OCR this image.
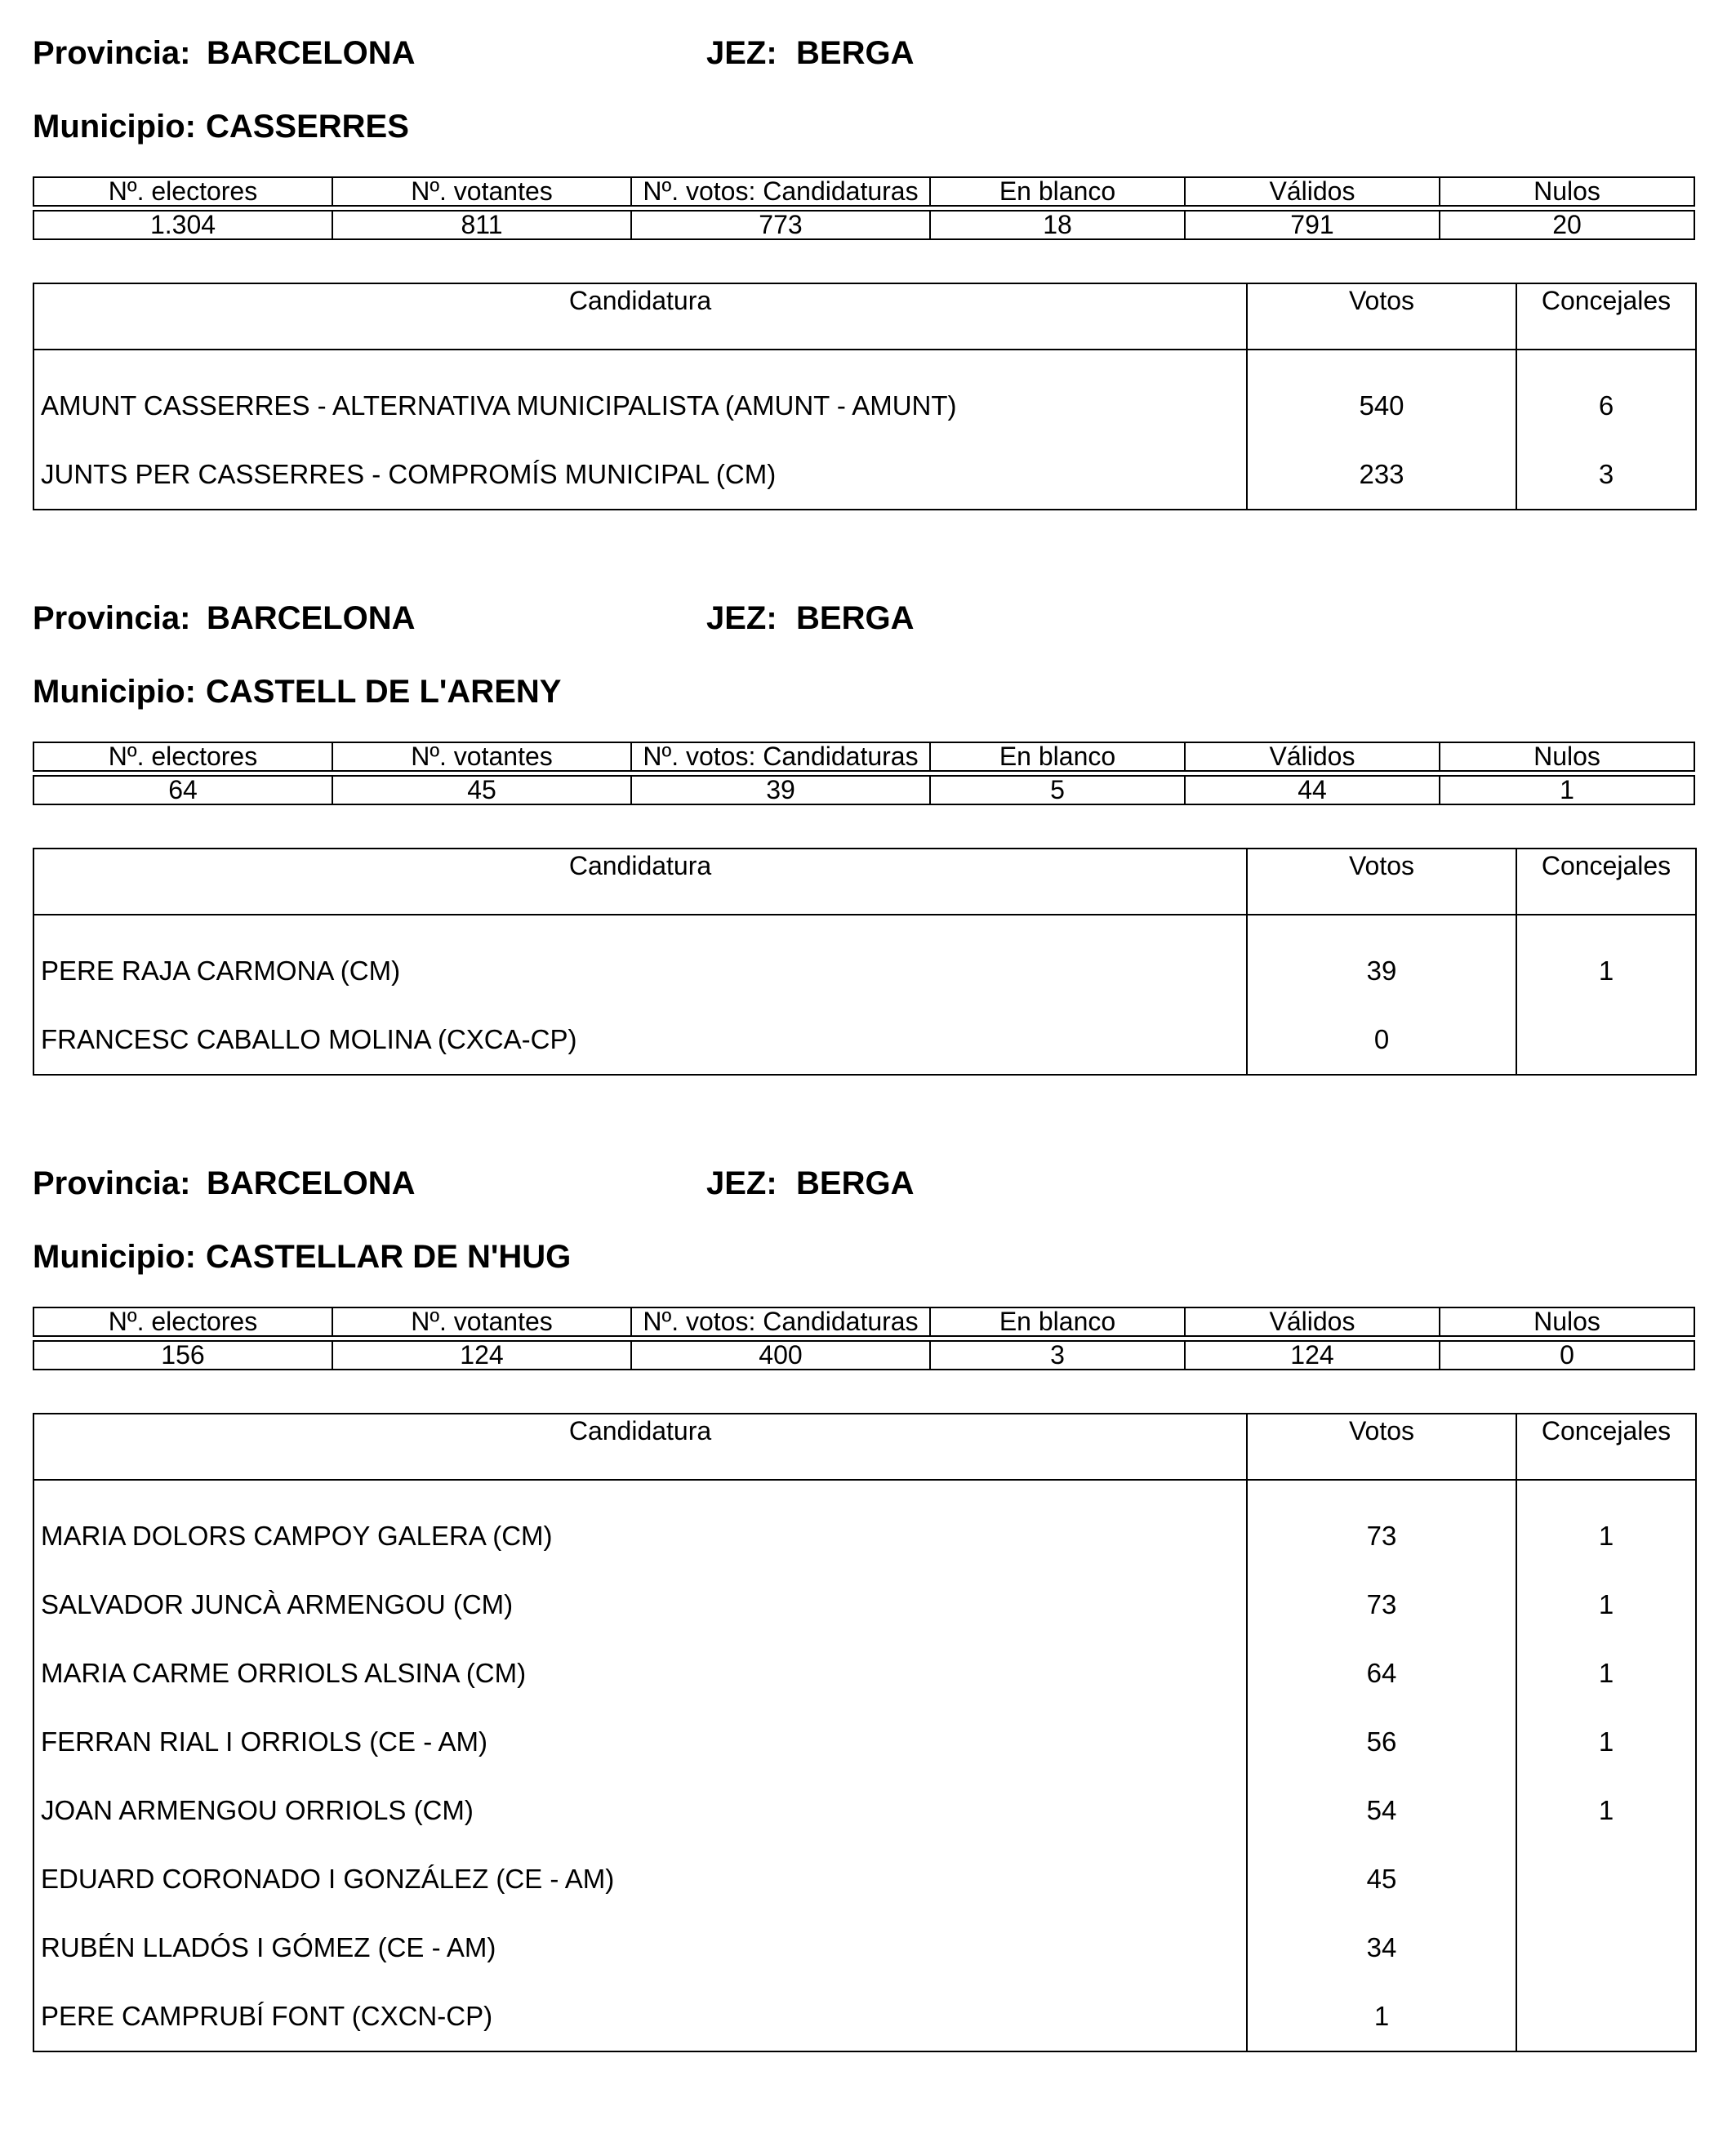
Provincia: BARCELONA	JEZ: BERGA
Municipio: CASSERRES
Nº. electores	Nº. votantes	Nº. votos: Candidaturas	En blanco	Válidos	Nulos

1.304	811	773	18	791	20
Candidatura	Votos	Concejales

AMUNT CASSERRES - ALTERNATIVA MUNICIPALISTA (AMUNT - AMUNT)	540	6
JUNTS PER CASSERRES - COMPROMÍS MUNICIPAL (CM)	233	3
Provincia: BARCELONA	JEZ: BERGA
Municipio: CASTELL DE L'ARENY
Nº. electores	Nº. votantes	Nº. votos: Candidaturas	En blanco	Válidos	Nulos

64	45	39	5	44	1
Candidatura	Votos	Concejales

PERE RAJA CARMONA (CM)	39	1
FRANCESC CABALLO MOLINA (CXCA-CP)	0	
Provincia: BARCELONA	JEZ: BERGA
Municipio: CASTELLAR DE N'HUG
Nº. electores	Nº. votantes	Nº. votos: Candidaturas	En blanco	Válidos	Nulos

156	124	400	3	124	0
Candidatura	Votos	Concejales

MARIA DOLORS CAMPOY GALERA (CM)	73	1
SALVADOR JUNCÀ ARMENGOU (CM)	73	1
MARIA CARME ORRIOLS ALSINA (CM)	64	1
FERRAN RIAL I ORRIOLS (CE - AM)	56	1
JOAN ARMENGOU ORRIOLS (CM)	54	1
EDUARD CORONADO I GONZÁLEZ (CE - AM)	45	
RUBÉN LLADÓS I GÓMEZ (CE - AM)	34	
PERE CAMPRUBÍ FONT (CXCN-CP)	1	
